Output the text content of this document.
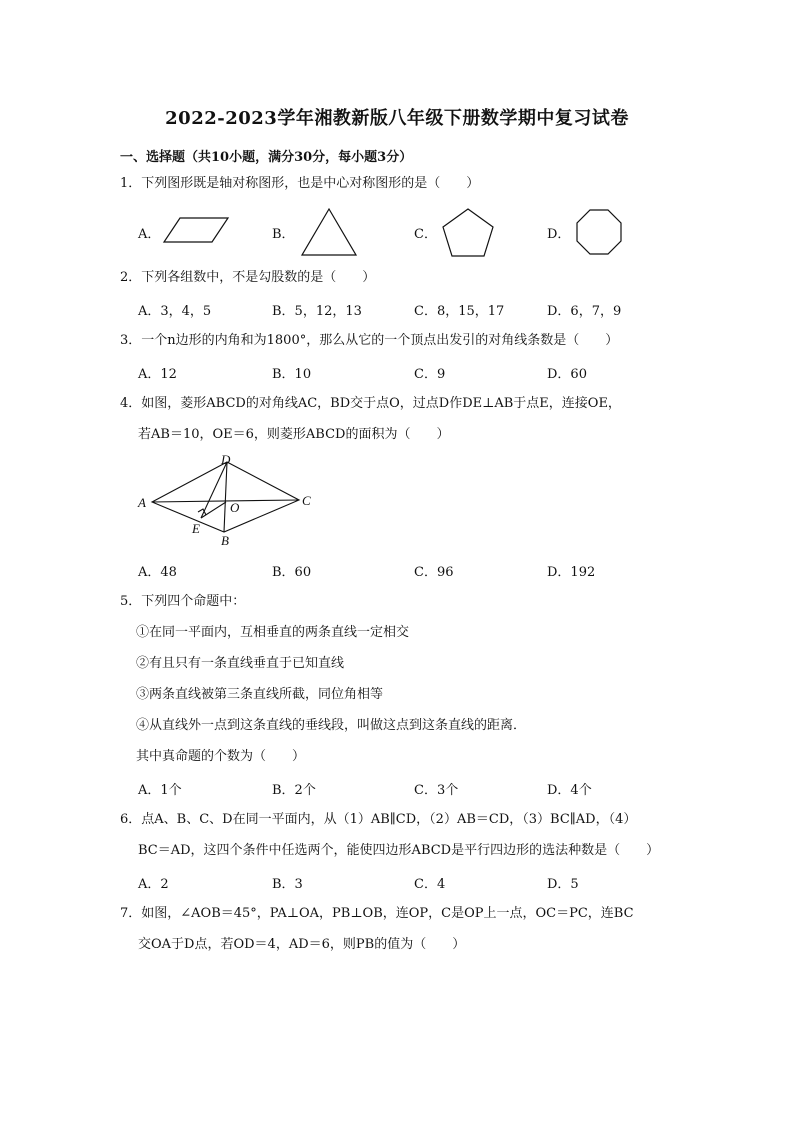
2022-2023学年湘教新版八年级下册数学期中复习试卷
一、选择题（共10小题，满分30分，每小题3分）
1．下列图形既是轴对称图形，也是中心对称图形的是（　　）
A．	B．	C．	D．
2．下列各组数中，不是勾股数的是（　　）
A．3，4，5	B．5，12，13	C．8，15，17	D．6，7，9
3．一个n边形的内角和为1800°，那么从它的一个顶点出发引的对角线条数是（　　）
A．12	B．10	C．9	D．60
4．如图，菱形ABCD的对角线AC，BD交于点O，过点D作DE⊥AB于点E，连接OE，
若AB＝10，OE＝6，则菱形ABCD的面积为（　　）
A
D
C
O
E
B
A．48	B．60	C．96	D．192
5．下列四个命题中：
①在同一平面内，互相垂直的两条直线一定相交
②有且只有一条直线垂直于已知直线
③两条直线被第三条直线所截，同位角相等
④从直线外一点到这条直线的垂线段，叫做这点到这条直线的距离．
其中真命题的个数为（　　）
A．1个	B．2个	C．3个	D．4个
6．点A、B、C、D在同一平面内，从（1）AB∥CD，（2）AB＝CD，（3）BC∥AD，（4）
BC＝AD，这四个条件中任选两个，能使四边形ABCD是平行四边形的选法种数是（　　）
A．2	B．3	C．4	D．5
7．如图，∠AOB＝45°，PA⊥OA，PB⊥OB，连OP，C是OP上一点，OC＝PC，连BC
交OA于D点，若OD＝4，AD＝6，则PB的值为（　　）
